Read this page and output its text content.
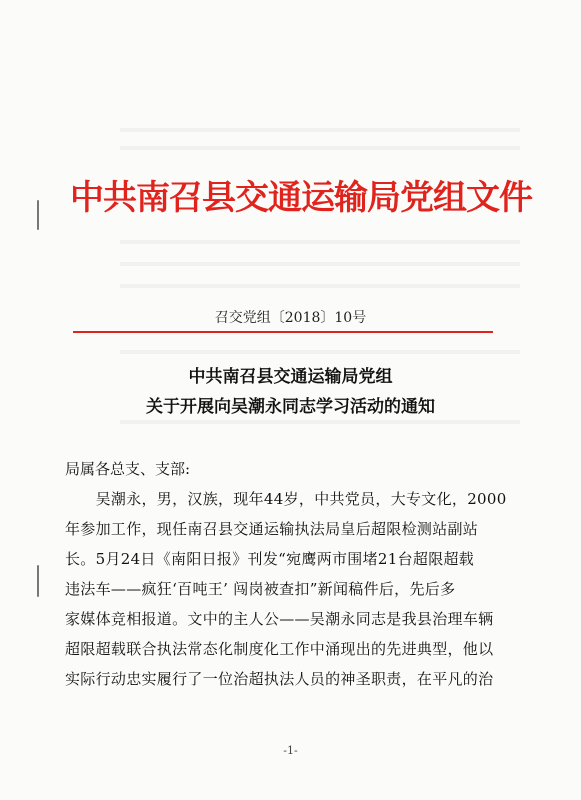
中共南召县交通运输局党组文件
召交党组〔2018〕10号
中共南召县交通运输局党组
关于开展向吴潮永同志学习活动的通知
局属各总支、支部:
　　吴潮永，男，汉族，现年44岁，中共党员，大专文化，2000
年参加工作，现任南召县交通运输执法局皇后超限检测站副站
长。5月24日《南阳日报》刊发“宛鹰两市围堵21台超限超载
违法车——疯狂‘百吨王’ 闯岗被查扣”新闻稿件后，先后多
家媒体竞相报道。文中的主人公——吴潮永同志是我县治理车辆
超限超载联合执法常态化制度化工作中涌现出的先进典型，他以
实际行动忠实履行了一位治超执法人员的神圣职责，在平凡的治
-1-
